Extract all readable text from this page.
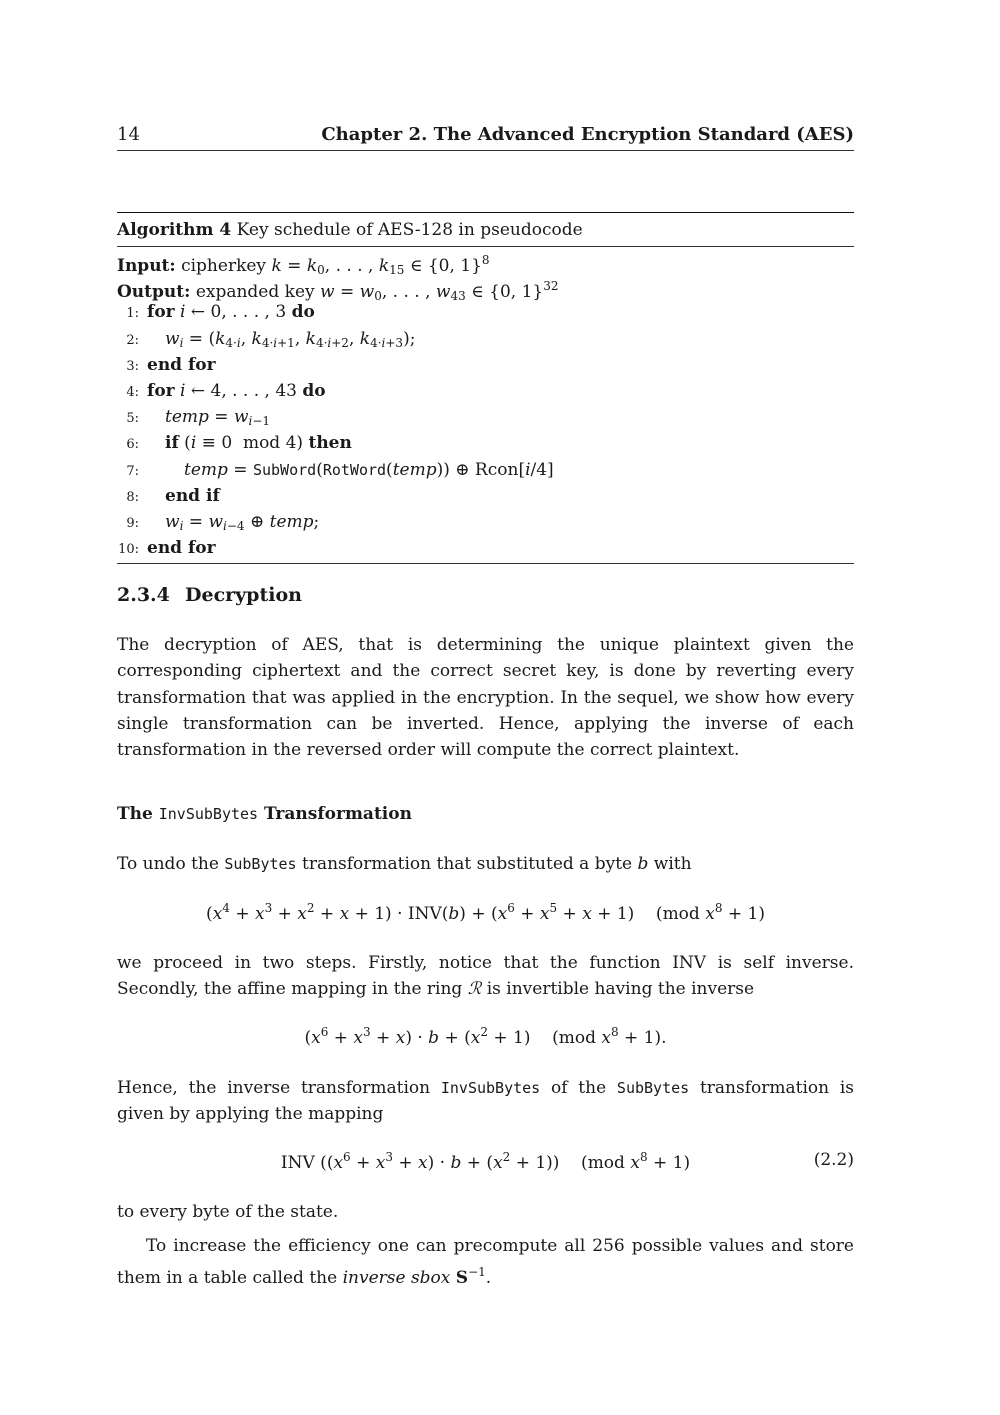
14	Chapter 2. The Advanced Encryption Standard (AES)
Algorithm 4 Key schedule of AES-128 in pseudocode
Input: cipherkey $k = k_0$, . . . , $k_{15}$ ∈ {0, 1}$^8$
Output: expanded key $w = w_0$, . . . , $w_{43}$ ∈ {0, 1}$^{32}$
1: for i ← 0, . . . , 3 do
2: $w_i = (k_{4\cdot i}$, $k_{4\cdot i+1}$, $k_{4\cdot i+2}$, $k_{4\cdot i+3}$);
3: end for
4: for i ← 4, . . . , 43 do
5: temp = $w_{i-1}$
6: if (i ≡ 0  mod 4) then
7:	temp = SubWord(RotWord(temp)) ⊕ Rcon[i/4]
8: end if
9: $w_i = w_{i-4}$ ⊕ temp;
10: end for
2.3.4 Decryption
The decryption of AES, that is determining the unique plaintext given the corresponding ciphertext and the correct secret key, is done by reverting every transformation that was applied in the encryption. In the sequel, we show how every single transformation can be inverted. Hence, applying the inverse of each transformation in the reversed order will compute the correct plaintext.
The InvSubBytes Transformation
To undo the SubBytes transformation that substituted a byte b with
$(x^4 + x^3 + x^2 + x + 1) \cdot INV(b) + (x^6 + x^5 + x + 1)$    (mod $x^8 + 1$)
we proceed in two steps. Firstly, notice that the function INV is self inverse. Secondly, the affine mapping in the ring ℛ is invertible having the inverse
$(x^6 + x^3 + x) \cdot b + (x^2 + 1)$    (mod $x^8 + 1$).
Hence, the inverse transformation InvSubBytes of the SubBytes transformation is given by applying the mapping
INV $((x^6 + x^3 + x) \cdot b + (x^2 + 1))$    (mod $x^8 + 1$)	(2.2)
to every byte of the state.
To increase the efficiency one can precompute all 256 possible values and store them in a table called the inverse sbox $S^{-1}$.
